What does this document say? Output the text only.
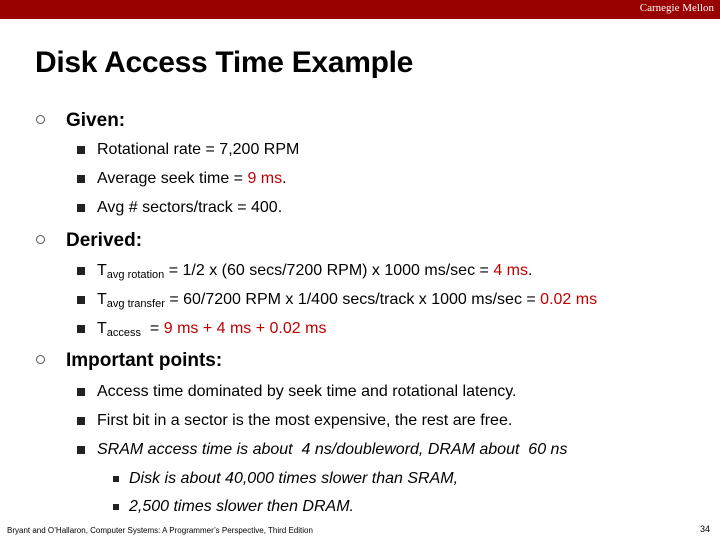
Carnegie Mellon
Disk Access Time Example
Given:
Rotational rate = 7,200 RPM
Average seek time = 9 ms.
Avg # sectors/track = 400.
Derived:
$T_{avg rotation} = 1/2$ x (60 secs/7200 RPM) x 1000 ms/sec = 4 ms.
$T_{avg transfer} = 60/7200$ RPM x 1/400 secs/track x 1000 ms/sec = 0.02 ms
$T_{access} = 9$ ms + 4 ms + 0.02 ms
Important points:
Access time dominated by seek time and rotational latency.
First bit in a sector is the most expensive, the rest are free.
SRAM access time is about  4 ns/doubleword, DRAM about  60 ns
Disk is about 40,000 times slower than SRAM,
2,500 times slower then DRAM.
Bryant and O’Hallaron, Computer Systems: A Programmer’s Perspective, Third Edition	34
